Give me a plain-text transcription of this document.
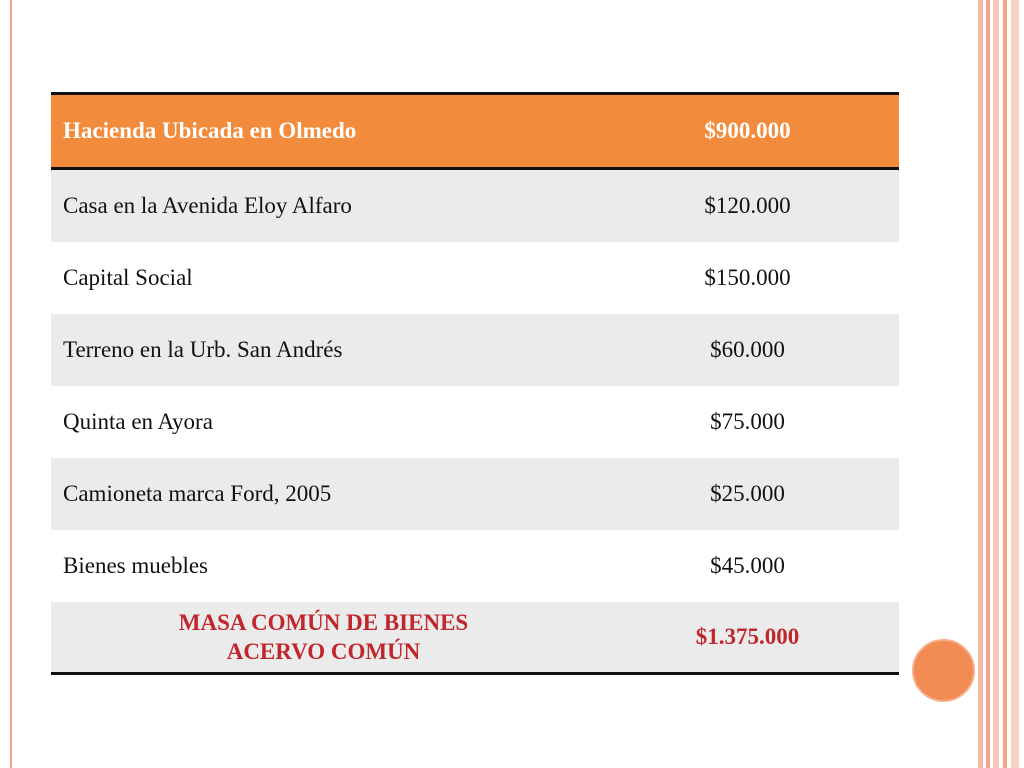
Hacienda Ubicada en Olmedo	$900.000
Casa en la Avenida Eloy Alfaro	$120.000
Capital Social	$150.000
Terreno en la Urb. San Andrés	$60.000
Quinta en Ayora	$75.000
Camioneta marca Ford, 2005	$25.000
Bienes muebles	$45.000

MASA COMÚN DE BIENES
ACERVO COMÚN	$1.375.000
